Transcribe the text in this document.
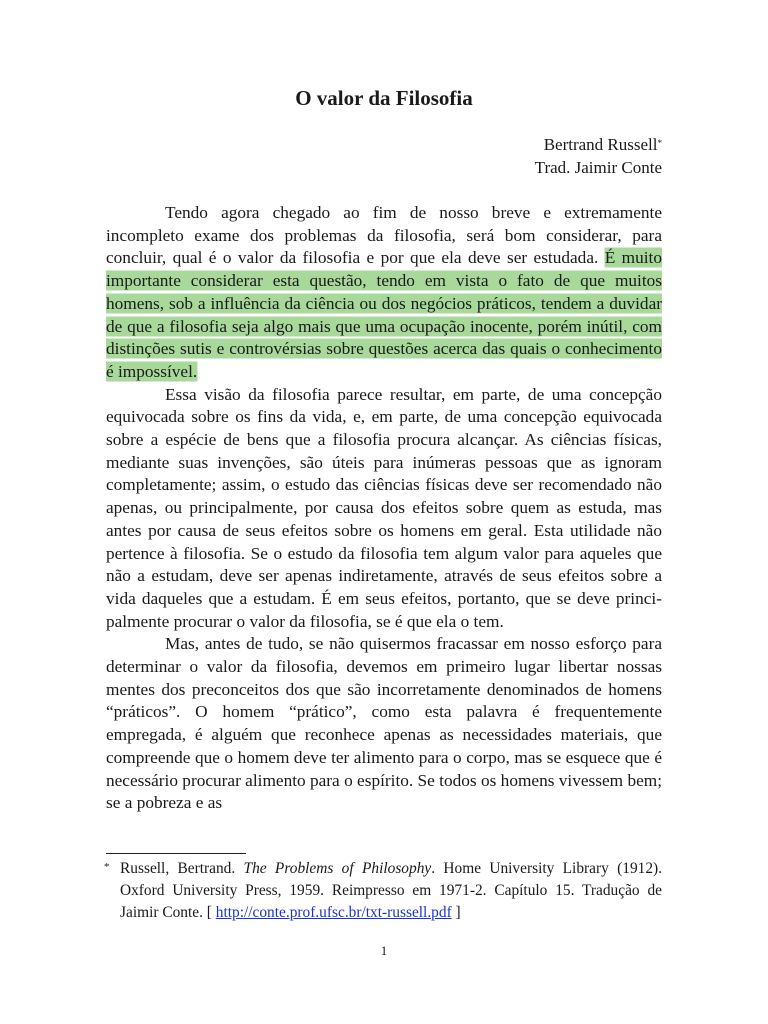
O valor da Filosofia
Bertrand Russell*
Trad. Jaimir Conte

Tendo agora chegado ao fim de nosso breve e extremamente incompleto exame dos problemas da filosofia, será bom considerar, para concluir, qual é o valor da filosofia e por que ela deve ser estudada. É muito importante considerar esta questão, tendo em vista o fato de que muitos homens, sob a influência da ciência ou dos negócios práticos, tendem a duvidar de que a filosofia seja algo mais que uma ocupação inocente, porém inútil, com distinções sutis e controvérsias sobre questões acerca das quais o conhecimento é impossível.

Essa visão da filosofia parece resultar, em parte, de uma concepção equivocada sobre os fins da vida, e, em parte, de uma concepção equivocada sobre a espécie de bens que a filosofia procura alcançar. As ciências físicas, mediante suas invenções, são úteis para inúmeras pessoas que as ignoram completamente; assim, o estudo das ciências físicas deve ser recomendado não apenas, ou principalmente, por causa dos efeitos sobre quem as estuda, mas antes por causa de seus efeitos sobre os homens em geral. Esta utilidade não pertence à filosofia. Se o estudo da filosofia tem algum valor para aqueles que não a estudam, deve ser apenas indiretamente, através de seus efeitos sobre a vida daqueles que a estudam. É em seus efeitos, portanto, que se deve principalmente procurar o valor da filosofia, se é que ela o tem.

Mas, antes de tudo, se não quisermos fracassar em nosso esforço para determinar o valor da filosofia, devemos em primeiro lugar libertar nossas mentes dos preconceitos dos que são incorretamente denominados de homens “práticos”. O homem “prático”, como esta palavra é frequentemente empregada, é alguém que reconhece apenas as necessidades materiais, que compreende que o homem deve ter alimento para o corpo, mas se esquece que é necessário procurar alimento para o espírito. Se todos os homens vivessem bem; se a pobreza e as

* Russell, Bertrand. The Problems of Philosophy. Home University Library (1912). Oxford University Press, 1959. Reimpresso em 1971-2. Capítulo 15. Tradução de Jaimir Conte. [ http://conte.prof.ufsc.br/txt-russell.pdf ]
1
